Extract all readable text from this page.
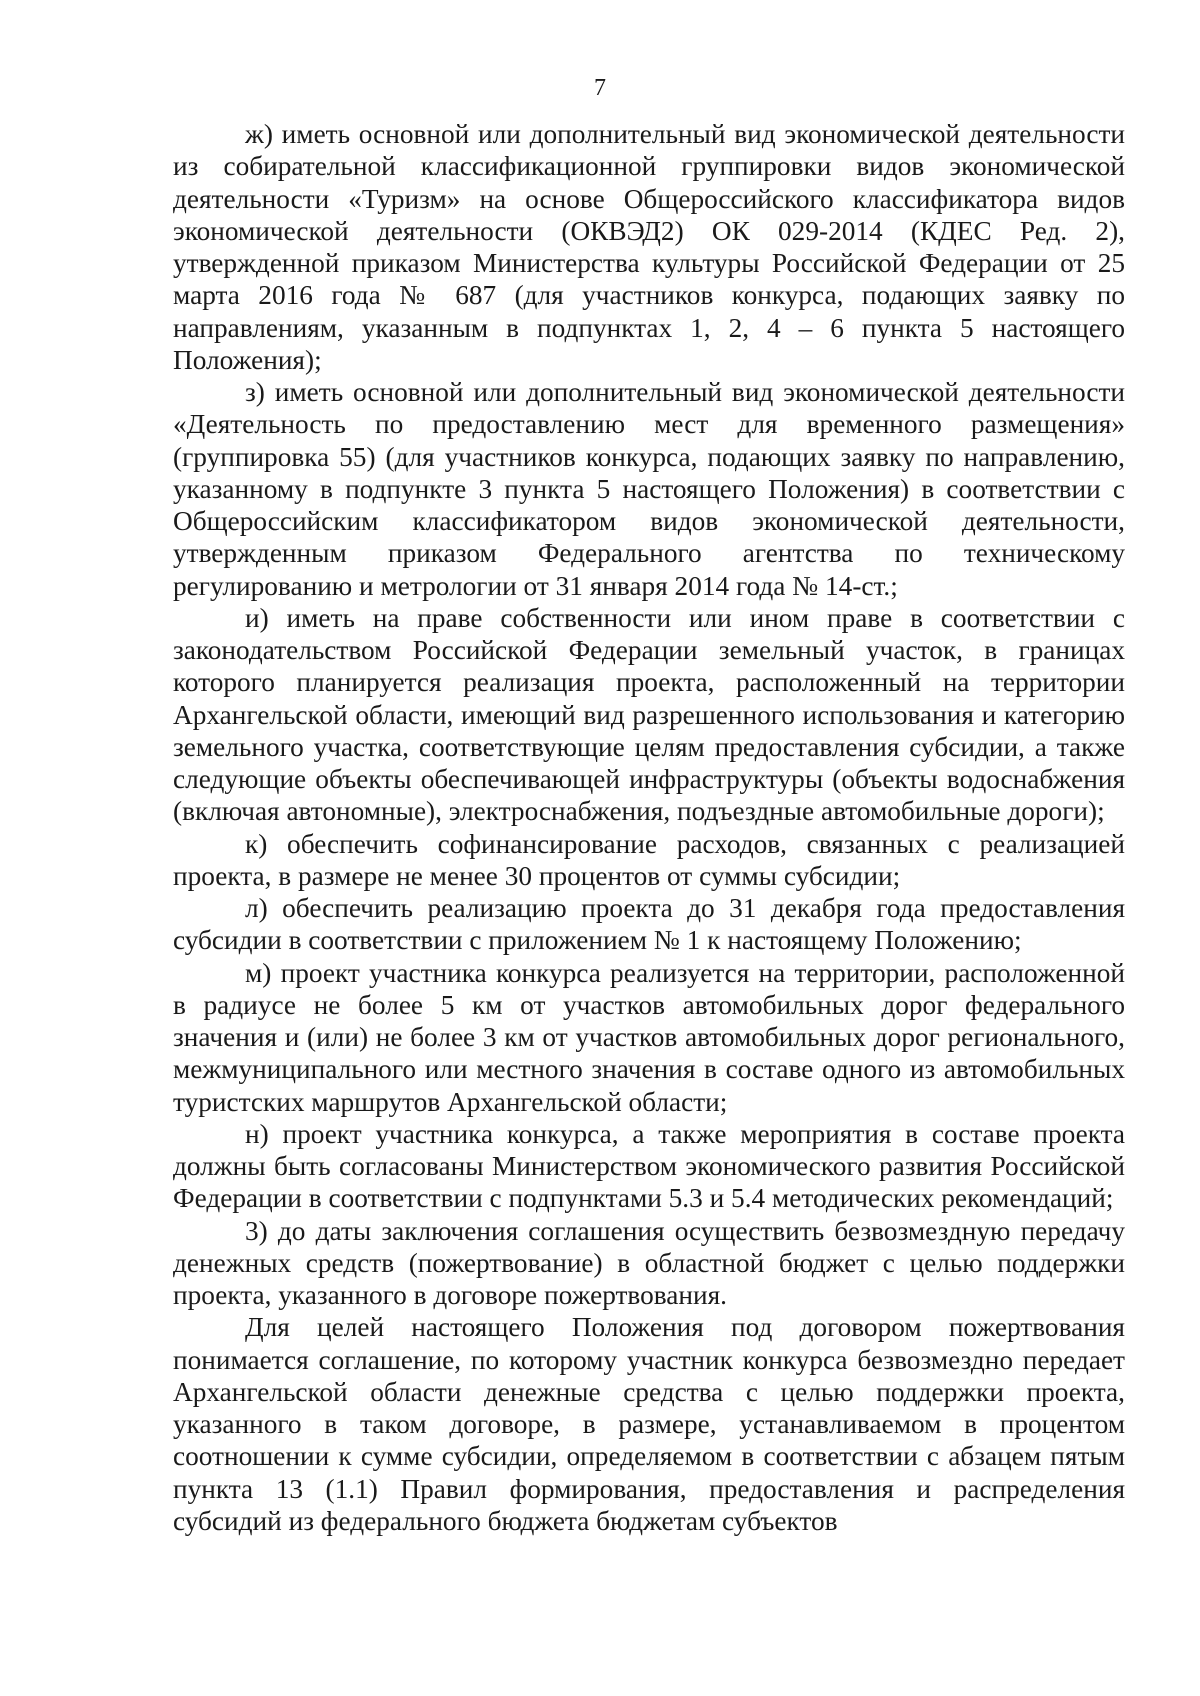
7

ж) иметь основной или дополнительный вид экономической деятельности из собирательной классификационной группировки видов экономической деятельности «Туризм» на основе Общероссийского классификатора видов экономической деятельности (ОКВЭД2) ОК 029-2014 (КДЕС Ред. 2), утвержденной приказом Министерства культуры Российской Федерации от 25 марта 2016 года № 687 (для участников конкурса, подающих заявку по направлениям, указанным в подпунктах 1, 2, 4 – 6 пункта 5 настоящего Положения);

з) иметь основной или дополнительный вид экономической деятельности «Деятельность по предоставлению мест для временного размещения» (группировка 55) (для участников конкурса, подающих заявку по направлению, указанному в подпункте 3 пункта 5 настоящего Положения) в соответствии с Общероссийским классификатором видов экономической деятельности, утвержденным приказом Федерального агентства по техническому регулированию и метрологии от 31 января 2014 года № 14-ст.;

и) иметь на праве собственности или ином праве в соответствии с законодательством Российской Федерации земельный участок, в границах которого планируется реализация проекта, расположенный на территории Архангельской области, имеющий вид разрешенного использования и категорию земельного участка, соответствующие целям предоставления субсидии, а также следующие объекты обеспечивающей инфраструктуры (объекты водоснабжения (включая автономные), электроснабжения, подъездные автомобильные дороги);

к) обеспечить софинансирование расходов, связанных с реализацией проекта, в размере не менее 30 процентов от суммы субсидии;

л) обеспечить реализацию проекта до 31 декабря года предоставления субсидии в соответствии с приложением № 1 к настоящему Положению;

м) проект участника конкурса реализуется на территории, расположенной в радиусе не более 5 км от участков автомобильных дорог федерального значения и (или) не более 3 км от участков автомобильных дорог регионального, межмуниципального или местного значения в составе одного из автомобильных туристских маршрутов Архангельской области;

н) проект участника конкурса, а также мероприятия в составе проекта должны быть согласованы Министерством экономического развития Российской Федерации в соответствии с подпунктами 5.3 и 5.4 методических рекомендаций;

3) до даты заключения соглашения осуществить безвозмездную передачу денежных средств (пожертвование) в областной бюджет с целью поддержки проекта, указанного в договоре пожертвования.

Для целей настоящего Положения под договором пожертвования понимается соглашение, по которому участник конкурса безвозмездно передает Архангельской области денежные средства с целью поддержки проекта, указанного в таком договоре, в размере, устанавливаемом в процентом соотношении к сумме субсидии, определяемом в соответствии с абзацем пятым пункта 13 (1.1) Правил формирования, предоставления и распределения субсидий из федерального бюджета бюджетам субъектов
